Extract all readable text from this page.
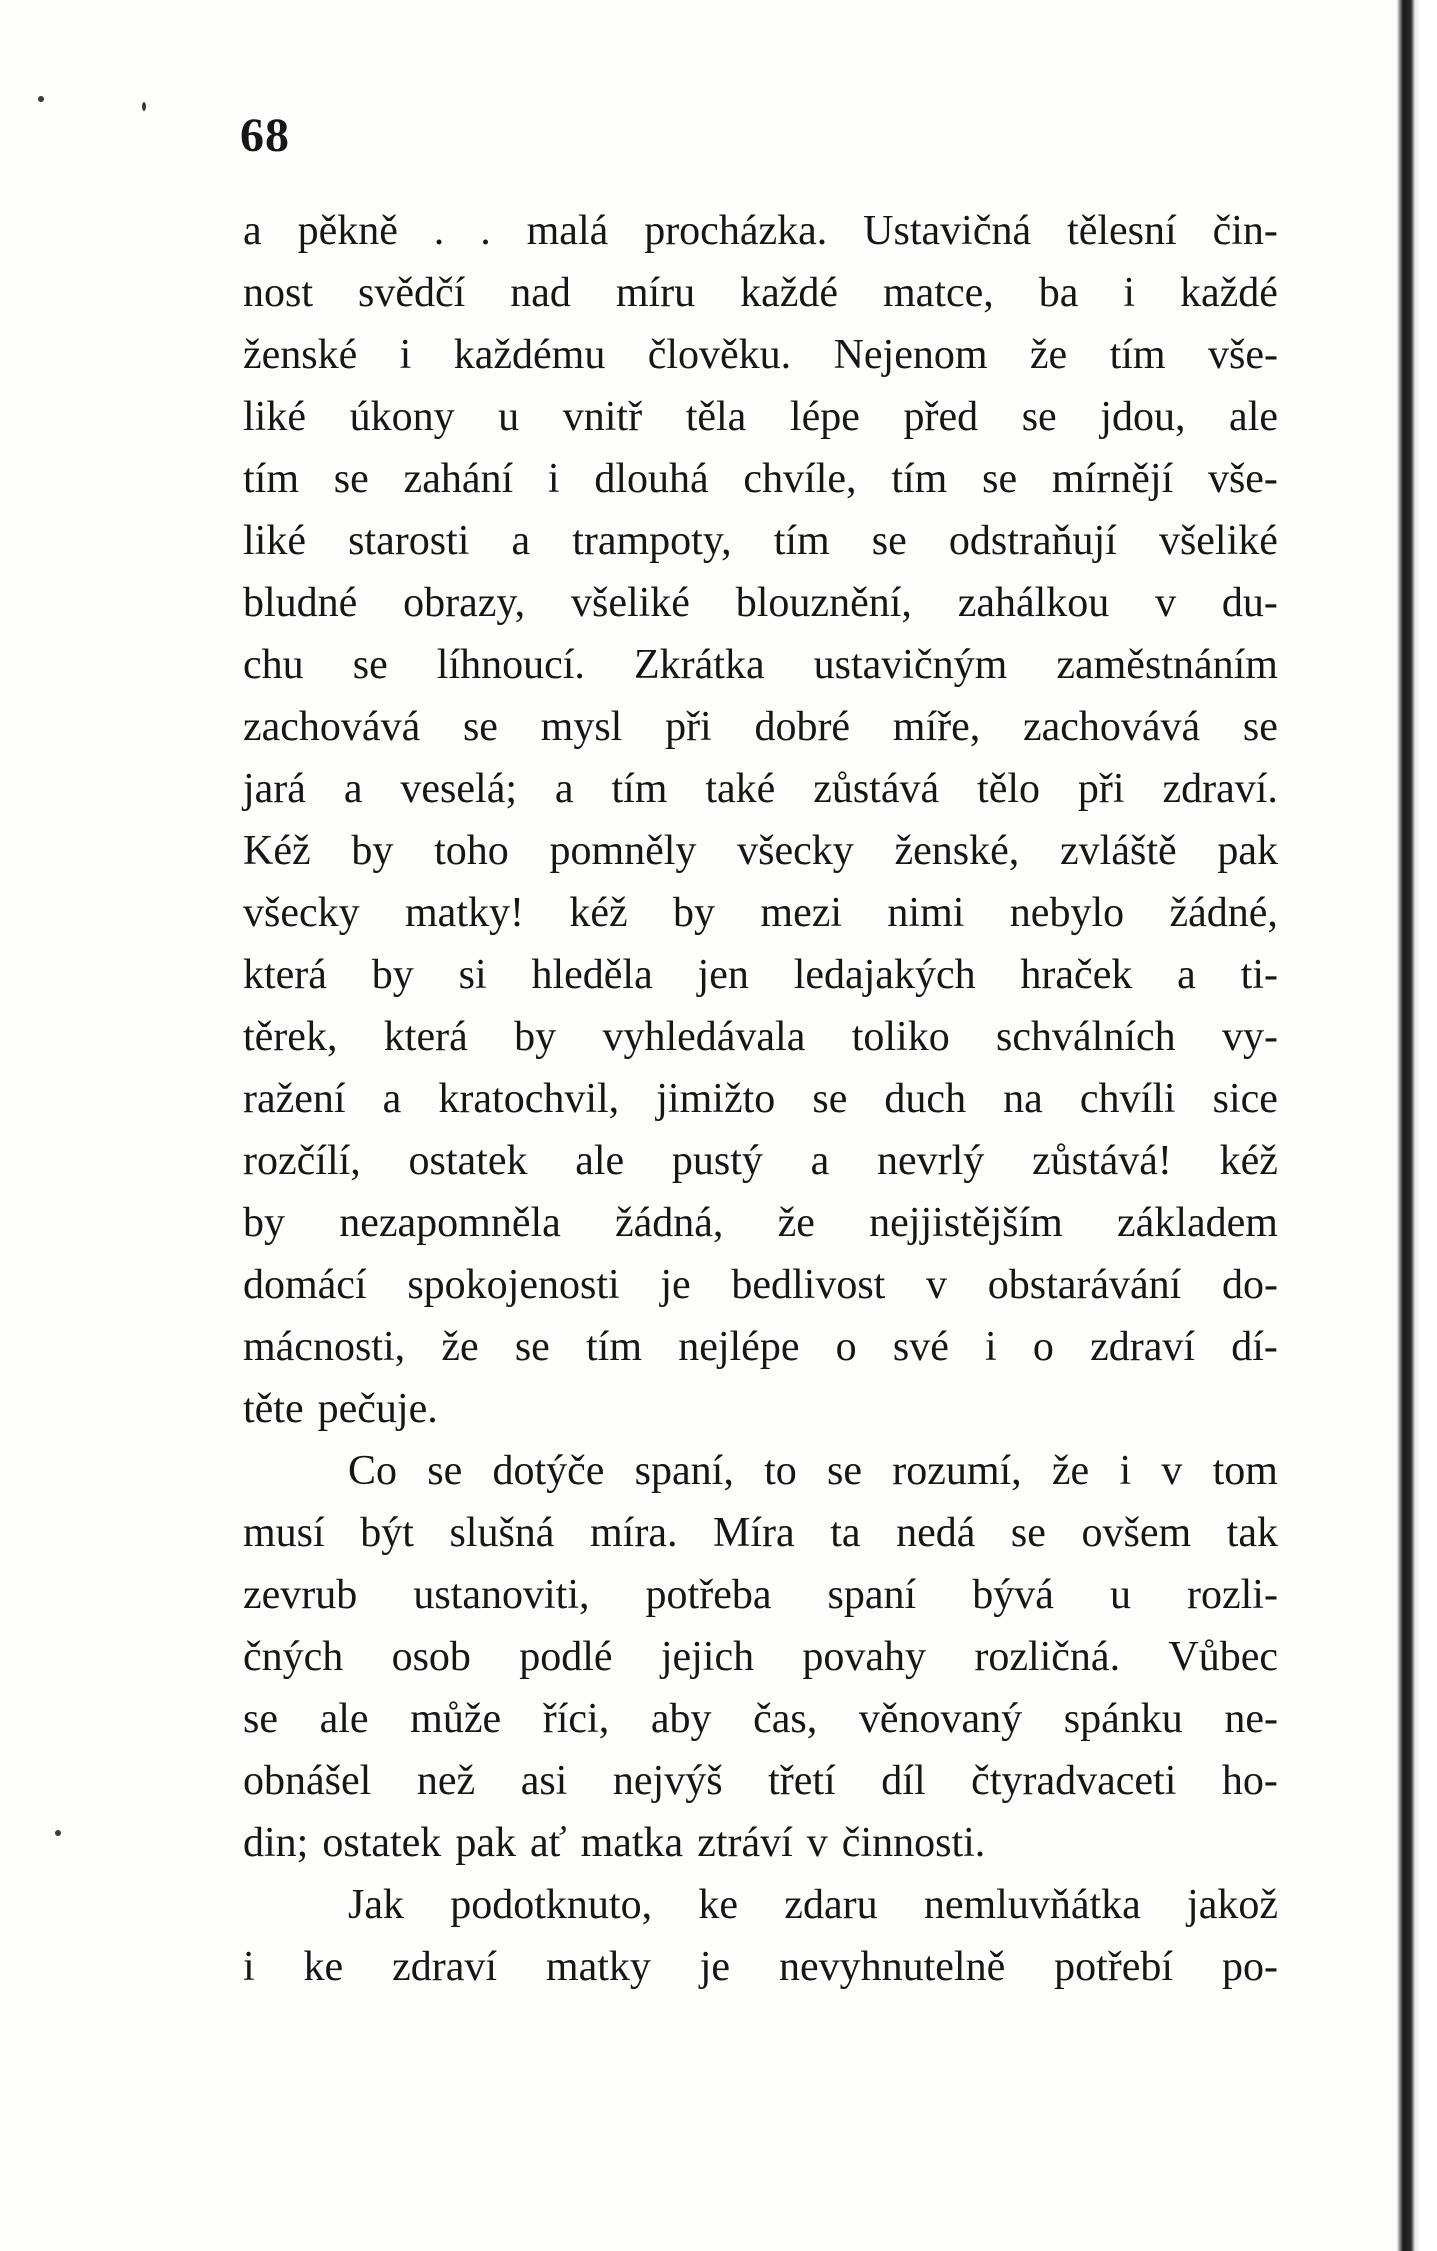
68
a pěkně . . malá procházka. Ustavičná tělesní čin-
nost svědčí nad míru každé matce, ba i každé
ženské i každému člověku. Nejenom že tím vše-
liké úkony u vnitř těla lépe před se jdou, ale
tím se zahání i dlouhá chvíle, tím se mírnějí vše-
liké starosti a trampoty, tím se odstraňují všeliké
bludné obrazy, všeliké blouznění, zahálkou v du-
chu se líhnoucí. Zkrátka ustavičným zaměstnáním
zachovává se mysl při dobré míře, zachovává se
jará a veselá; a tím také zůstává tělo při zdraví.
Kéž by toho pomněly všecky ženské, zvláště pak
všecky matky! kéž by mezi nimi nebylo žádné,
která by si hleděla jen ledajakých hraček a ti-
těrek, která by vyhledávala toliko schválních vy-
ražení a kratochvil, jimižto se duch na chvíli sice
rozčílí, ostatek ale pustý a nevrlý zůstává! kéž
by nezapomněla žádná, že nejjistějším základem
domácí spokojenosti je bedlivost v obstarávání do-
mácnosti, že se tím nejlépe o své i o zdraví dí-
těte pečuje.
Co se dotýče spaní, to se rozumí, že i v tom
musí být slušná míra. Míra ta nedá se ovšem tak
zevrub ustanoviti, potřeba spaní bývá u rozli-
čných osob podlé jejich povahy rozličná. Vůbec
se ale může říci, aby čas, věnovaný spánku ne-
obnášel než asi nejvýš třetí díl čtyradvaceti ho-
din; ostatek pak ať matka ztráví v činnosti.
Jak podotknuto, ke zdaru nemluvňátka jakož
i ke zdraví matky je nevyhnutelně potřebí po-
